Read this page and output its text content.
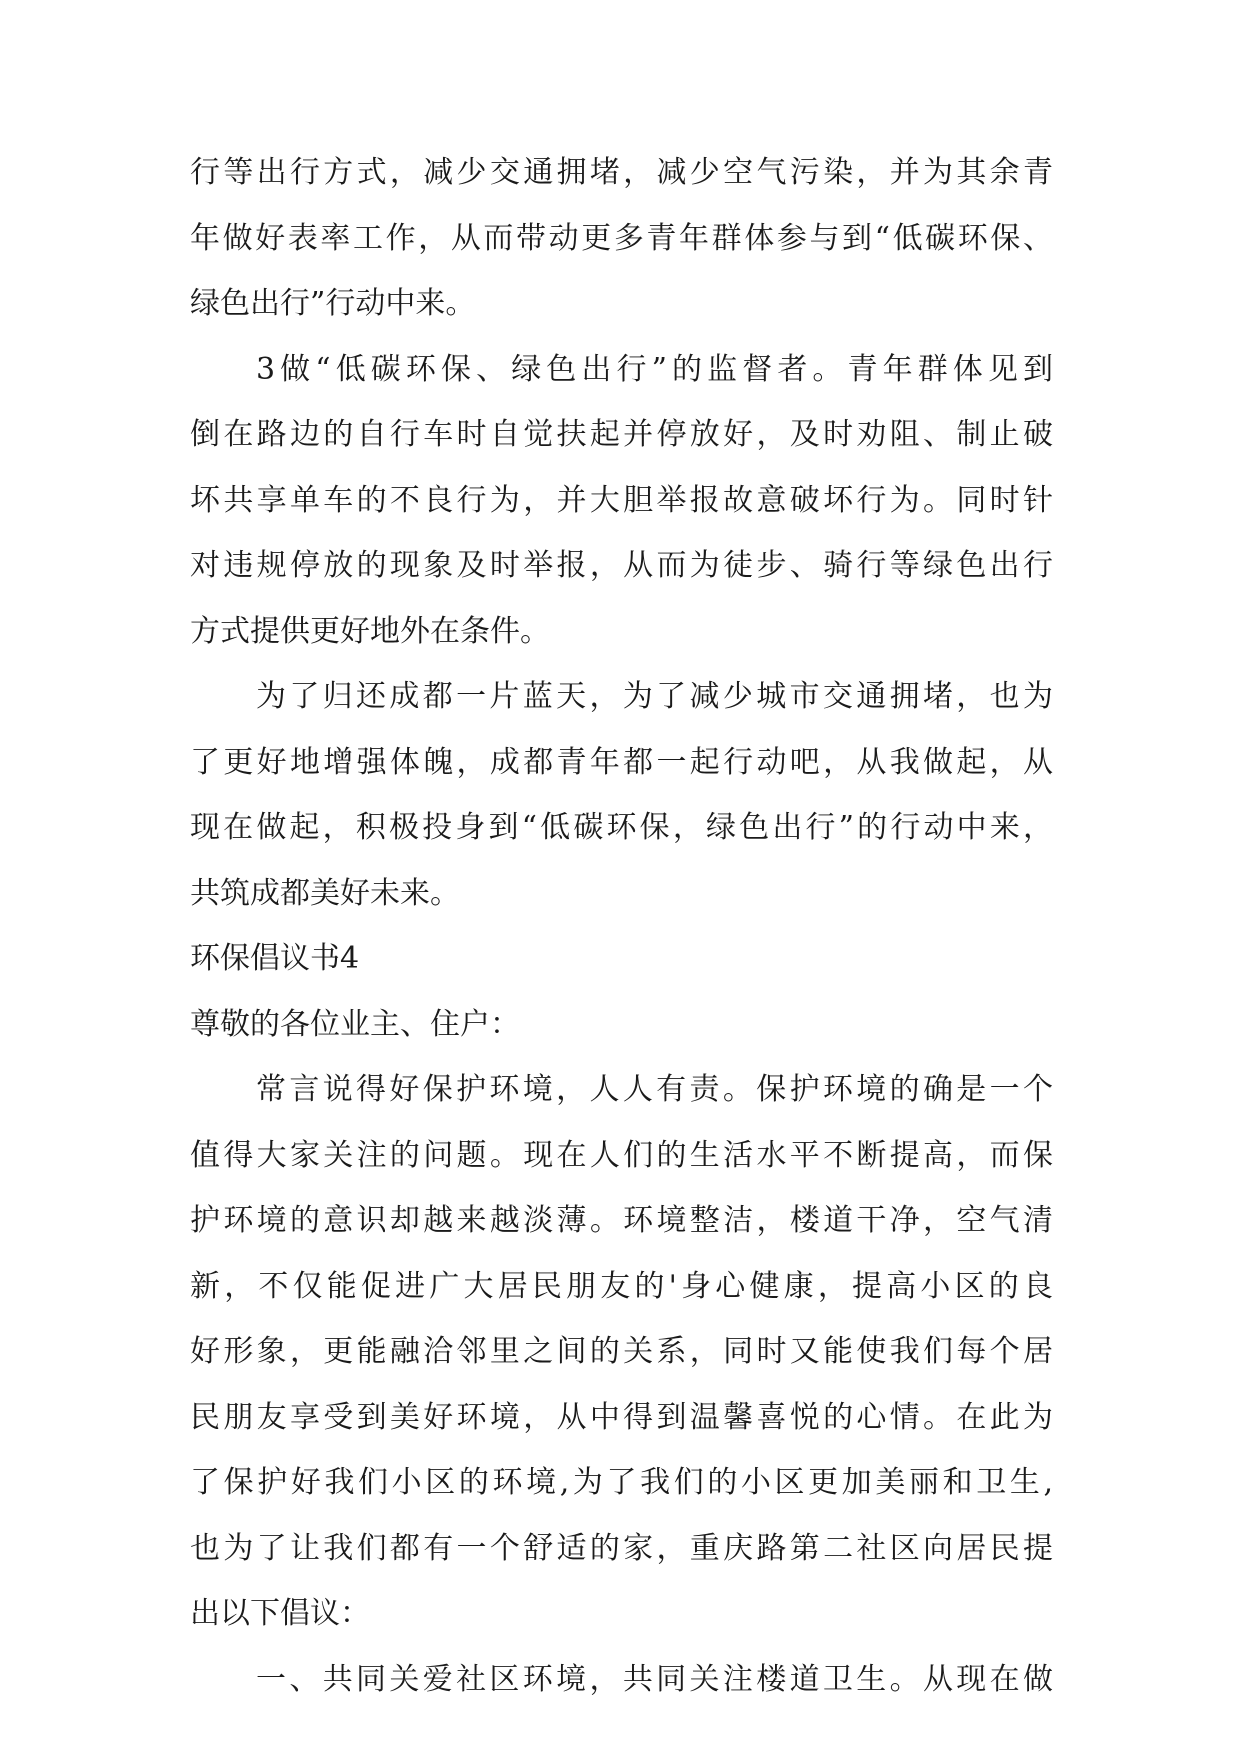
行等出行方式，减少交通拥堵，减少空气污染，并为其余青
年做好表率工作，从而带动更多青年群体参与到“低碳环保、
绿色出行”行动中来。
3做“低碳环保、绿色出行”的监督者。青年群体见到
倒在路边的自行车时自觉扶起并停放好，及时劝阻、制止破
坏共享单车的不良行为，并大胆举报故意破坏行为。同时针
对违规停放的现象及时举报，从而为徒步、骑行等绿色出行
方式提供更好地外在条件。
为了归还成都一片蓝天，为了减少城市交通拥堵，也为
了更好地增强体魄，成都青年都一起行动吧，从我做起，从
现在做起，积极投身到“低碳环保，绿色出行”的行动中来，
共筑成都美好未来。
环保倡议书4
尊敬的各位业主、住户：
常言说得好保护环境，人人有责。保护环境的确是一个
值得大家关注的问题。现在人们的生活水平不断提高，而保
护环境的意识却越来越淡薄。环境整洁，楼道干净，空气清
新，不仅能促进广大居民朋友的'身心健康，提高小区的良
好形象，更能融洽邻里之间的关系，同时又能使我们每个居
民朋友享受到美好环境，从中得到温馨喜悦的心情。在此为
了保护好我们小区的环境,为了我们的小区更加美丽和卫生,
也为了让我们都有一个舒适的家，重庆路第二社区向居民提
出以下倡议：
一、共同关爱社区环境，共同关注楼道卫生。从现在做
